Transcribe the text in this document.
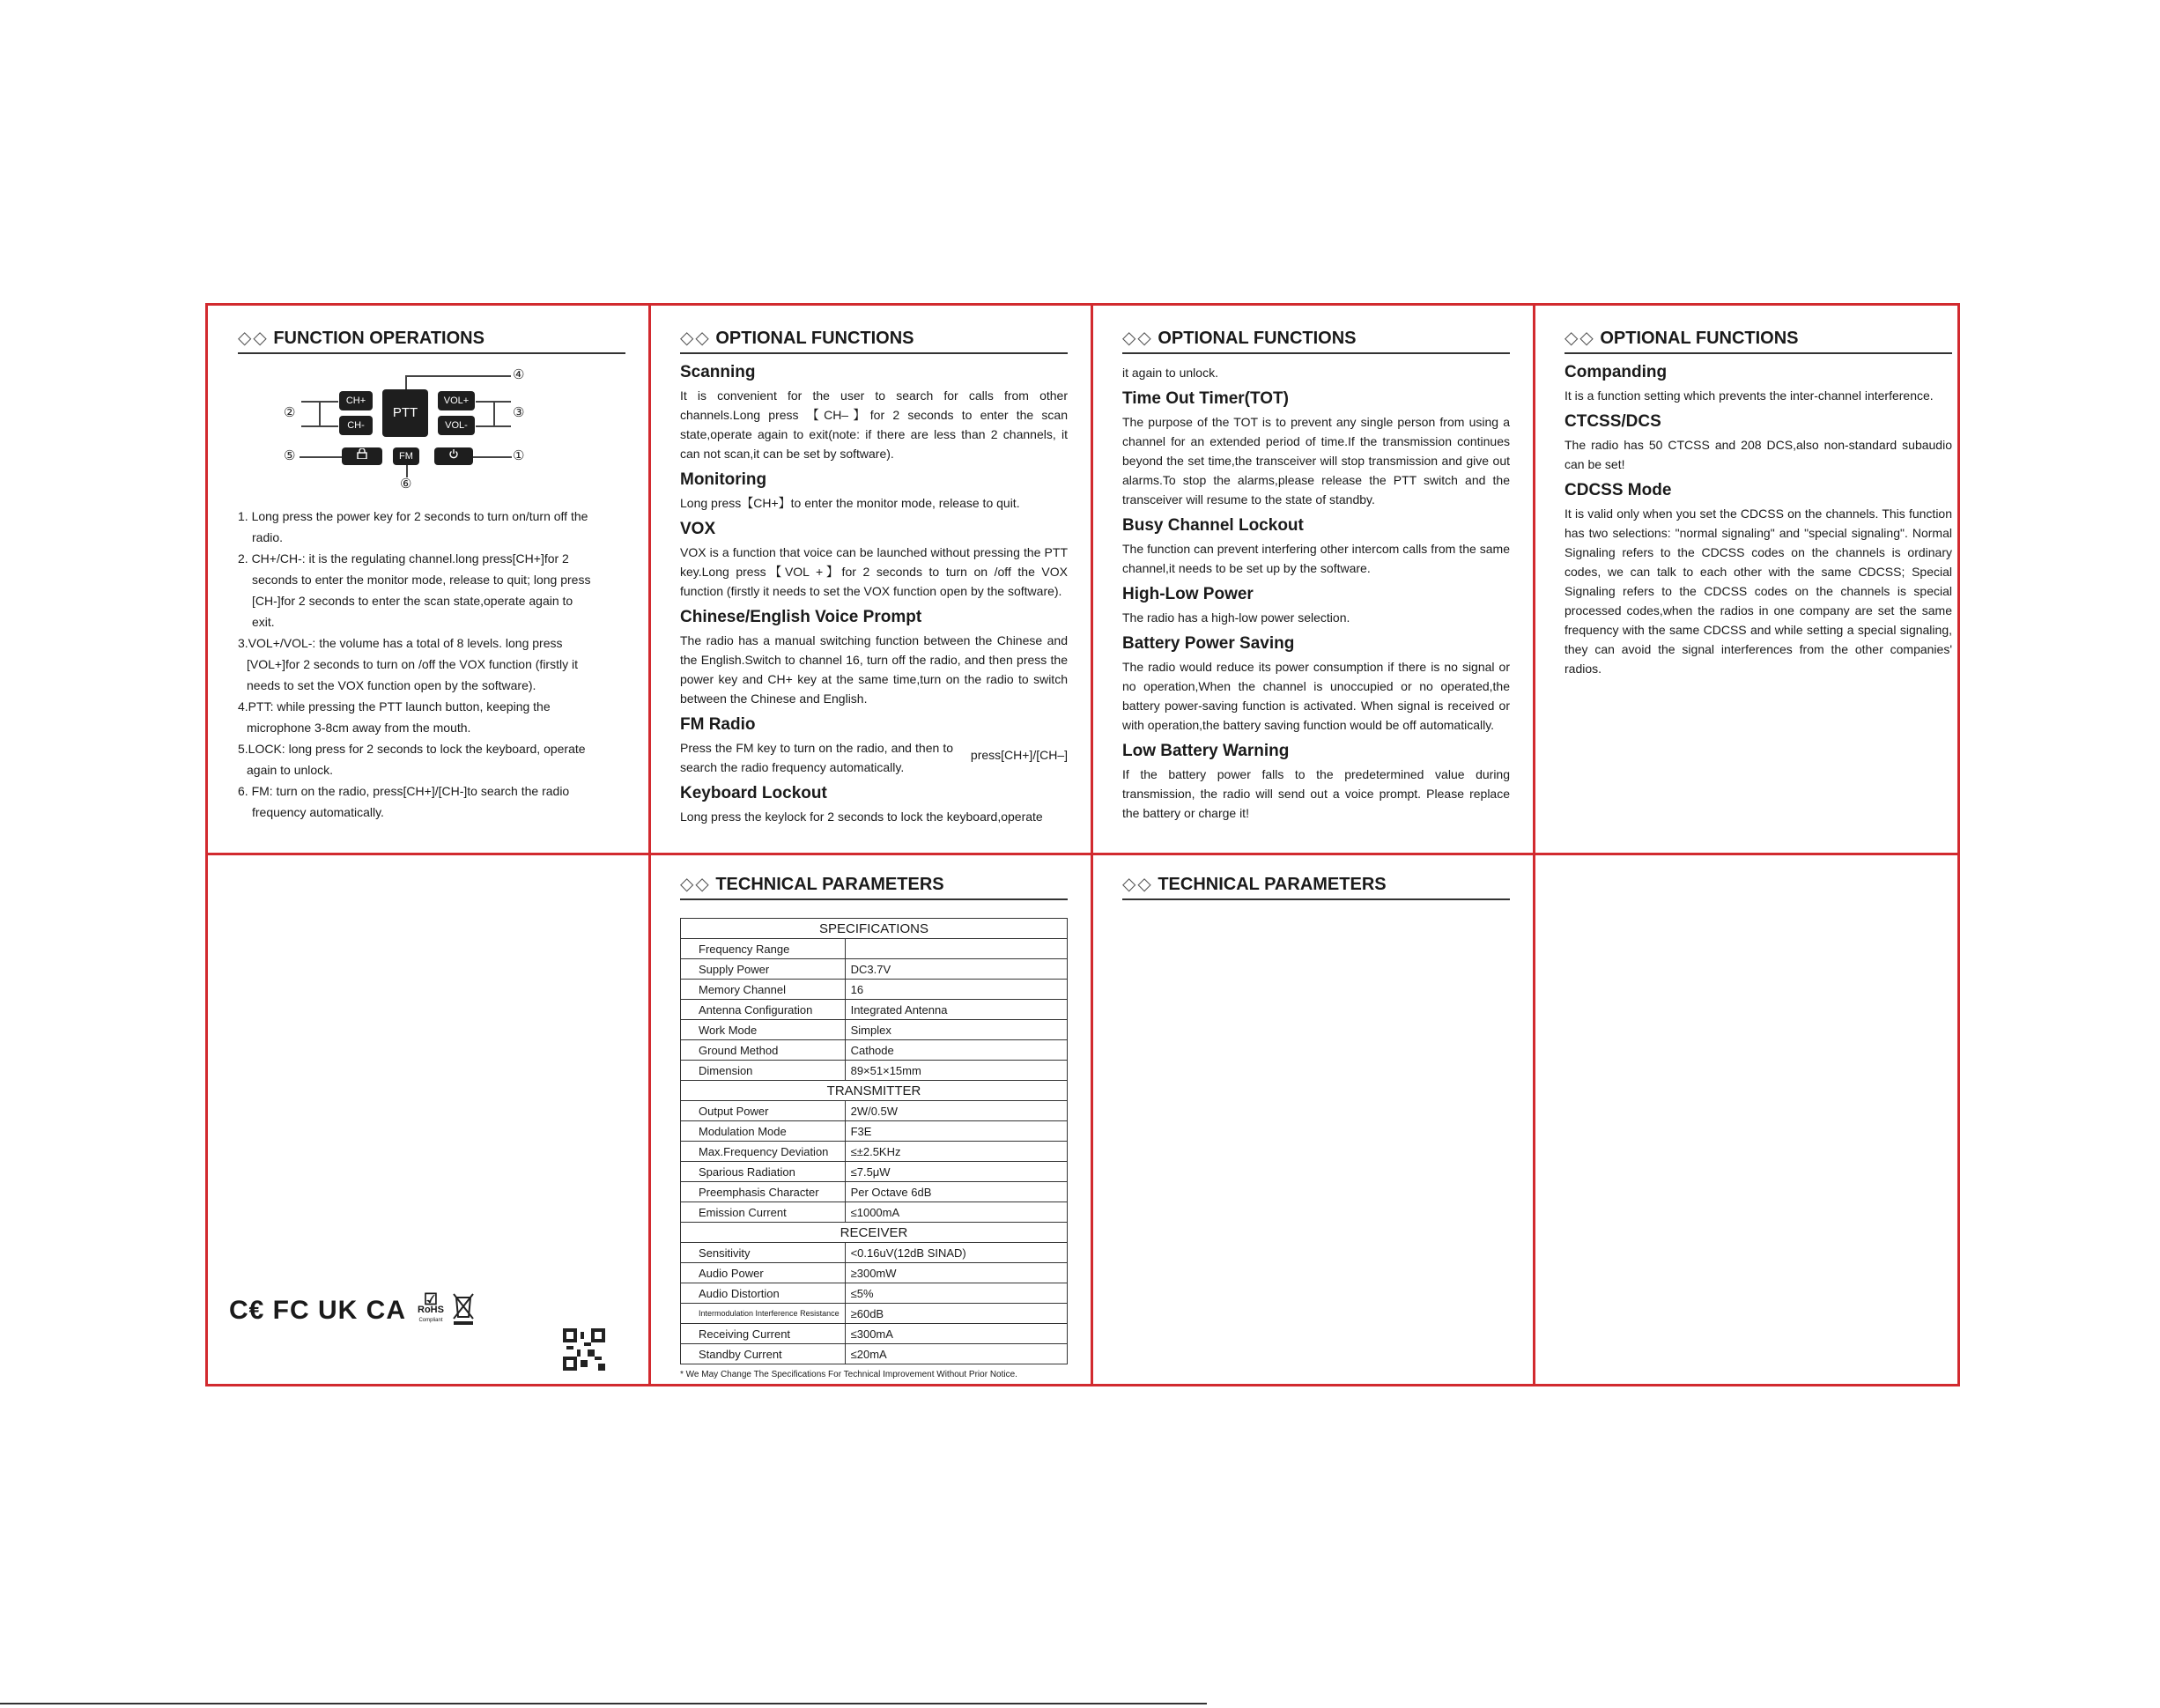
◇◇ FUNCTION OPERATIONS
CH+
CH-
PTT
VOL+
VOL-
FM
②	③
④
⑤	①
⑥
1. Long press the power key for 2 seconds to turn on/turn off the
radio.
2. CH+/CH-: it is the regulating channel.long press[CH+]for 2
seconds to enter the monitor mode, release to quit; long press
[CH-]for 2 seconds to enter the scan state,operate again to
exit.
3.VOL+/VOL-: the volume has a total of 8 levels. long press
[VOL+]for 2 seconds to turn on /off the VOX function (firstly it
needs to set the VOX function open by the software).
4.PTT: while pressing the PTT launch button, keeping the
microphone 3-8cm away from the mouth.
5.LOCK: long press for 2 seconds to lock the keyboard, operate
again to unlock.
6. FM: turn on the radio, press[CH+]/[CH-]to search the radio
frequency automatically.
◇◇ OPTIONAL FUNCTIONS
Scanning

It is convenient for the user to search for calls from other channels.Long press 【CH–】for 2 seconds to enter the scan state,operate again to exit(note: if there are less than 2 channels, it can not scan,it can be set by software).

Monitoring

Long press【CH+】to enter the monitor mode, release to quit.

VOX

VOX is a function that voice can be launched without pressing the PTT key.Long press【VOL +】for 2 seconds to turn on /off the VOX function (firstly it needs to set the VOX function open by the software).

Chinese/English Voice Prompt

The radio has a manual switching function between the Chinese and the English.Switch to channel 16, turn off the radio, and then press the power key and CH+ key at the same time,turn on the radio to switch between the Chinese and English.

FM Radio

Press the FM key to turn on the radio, and then to search the radio frequency automatically.

press[CH+]/[CH–]
Keyboard Lockout

Long press the keylock for 2 seconds to lock the keyboard,operate

◇◇ OPTIONAL FUNCTIONS

it again to unlock.

Time Out Timer(TOT)

The purpose of the TOT is to prevent any single person from using a channel for an extended period of time.If the transmission continues beyond the set time,the transceiver will stop transmission and give out alarms.To stop the alarms,please release the PTT switch and the transceiver will resume to the state of standby.

Busy Channel Lockout

The function can prevent interfering other intercom calls from the same channel,it needs to be set up by the software.

High-Low Power

The radio has a high-low power selection.

Battery Power Saving

The radio would reduce its power consumption if there is no signal or no operation,When the channel is unoccupied or no operated,the battery power-saving function is activated. When signal is received or with operation,the battery saving function would be off automatically.

Low Battery Warning

If the battery power falls to the predetermined value during transmission, the radio will send out a voice prompt. Please replace the battery or charge it!

◇◇ OPTIONAL FUNCTIONS
Companding

It is a function setting which prevents the inter-channel interference.

CTCSS/DCS

The radio has 50 CTCSS and 208 DCS,also non-standard subaudio can be set!

CDCSS Mode

It is valid only when you set the CDCSS on the channels. This function has two selections: "normal signaling" and "special signaling". Normal Signaling refers to the CDCSS codes on the channels is ordinary codes, we can talk to each other with the same CDCSS; Special Signaling refers to the CDCSS codes on the channels is special processed codes,when the radios in one company are set the same frequency with the same CDCSS and while setting a special signaling, they can avoid the signal interferences from the other companies' radios.

C€ FC UK CA	☑
RoHS
Compliant
◇◇ TECHNICAL PARAMETERS
SPECIFICATIONS	
Frequency Range	
Supply Power	DC3.7V
Memory Channel	16
Antenna Configuration	Integrated Antenna
Work Mode	Simplex
Ground Method	Cathode
Dimension	89×51×15mm
TRANSMITTER	
Output Power	2W/0.5W
Modulation Mode	F3E
Max.Frequency Deviation	≤±2.5KHz
Sparious Radiation	≤7.5μW
Preemphasis Character	Per Octave 6dB
Emission Current	≤1000mA
RECEIVER	
Sensitivity	<0.16uV(12dB SINAD)
Audio Power	≥300mW
Audio Distortion	≤5%
Intermodulation Interference Resistance	≥60dB
Receiving Current	≤300mA
Standby Current	≤20mA
* We May Change The Specifications For Technical Improvement Without Prior Notice.
◇◇ TECHNICAL PARAMETERS
